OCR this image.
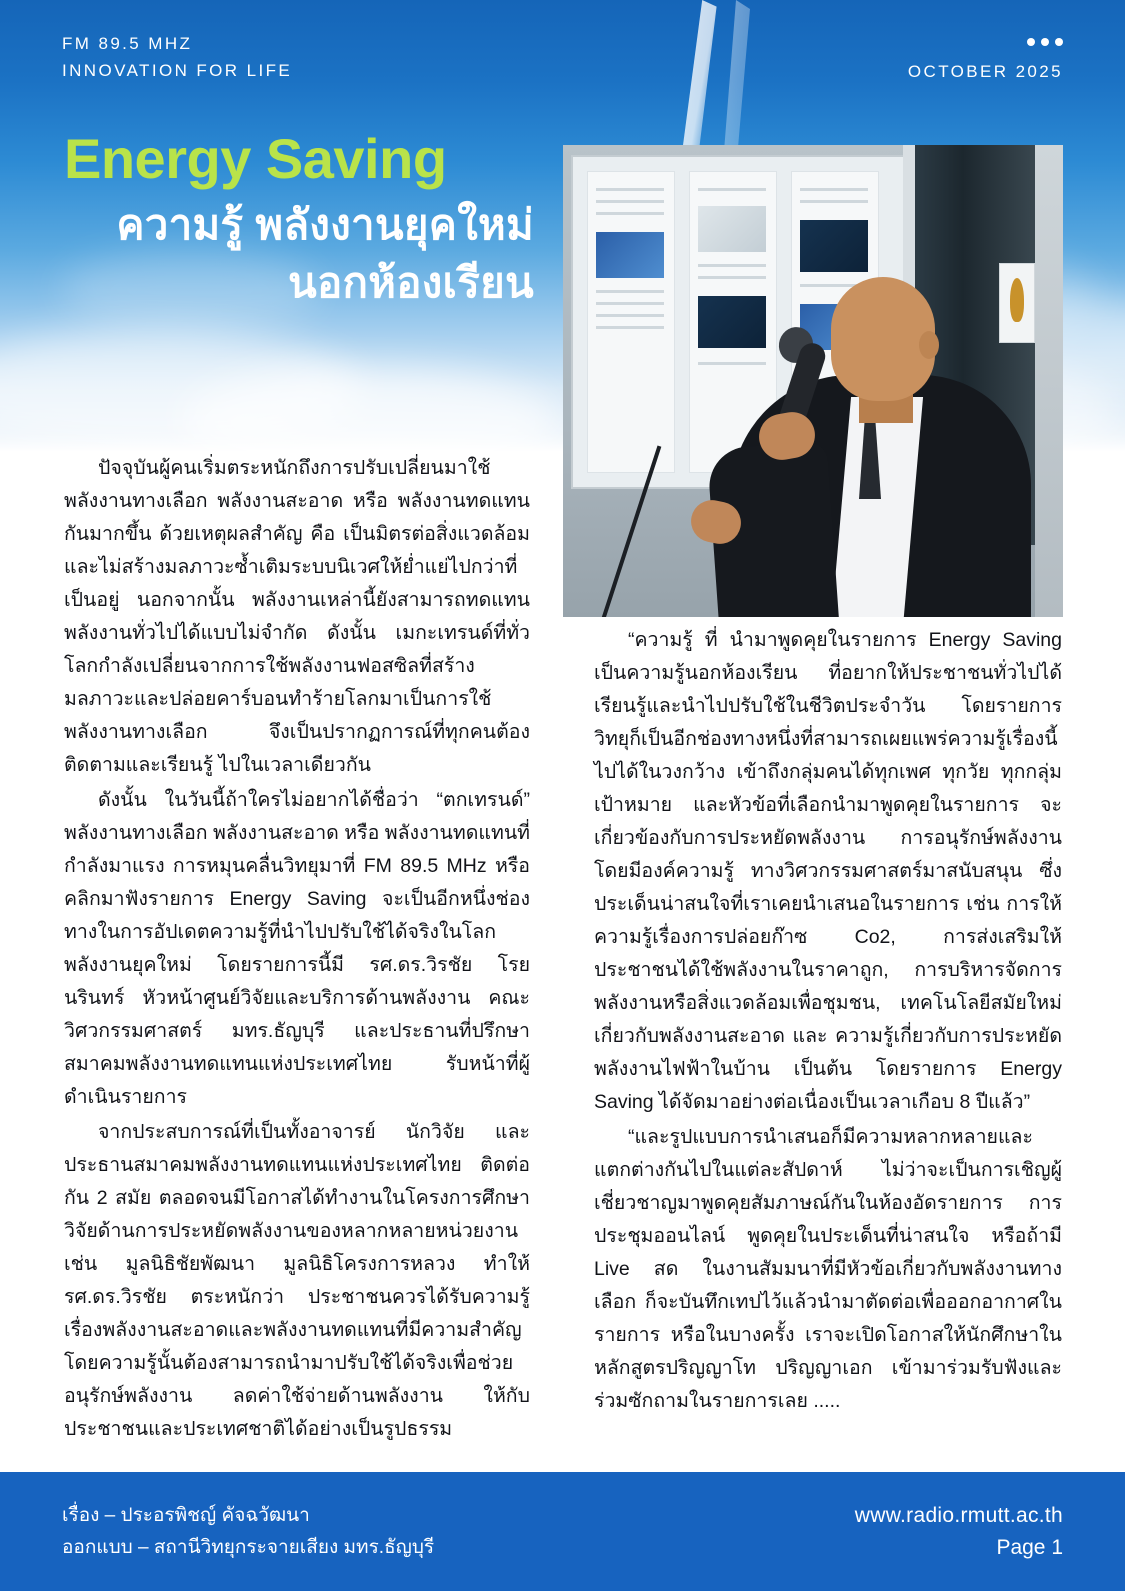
FM 89.5 MHZ
INNOVATION FOR LIFE	OCTOBER 2025
Energy Saving
ความรู้ พลังงานยุคใหม่
นอกห้องเรียน

ปัจจุบันผู้คนเริ่มตระหนักถึงการปรับเปลี่ยนมาใช้พลังงานทางเลือก พลังงานสะอาด หรือ พลังงานทดแทนกันมากขึ้น ด้วยเหตุผลสำคัญ คือ เป็นมิตรต่อสิ่งแวดล้อมและไม่สร้างมลภาวะซ้ำเติมระบบนิเวศให้ย่ำแย่ไปกว่าที่เป็นอยู่ นอกจากนั้น พลังงานเหล่านี้ยังสามารถทดแทนพลังงานทั่วไปได้แบบไม่จำกัด ดังนั้น เมกะเทรนด์ที่ทั่วโลกกำลังเปลี่ยนจากการใช้พลังงานฟอสซิลที่สร้างมลภาวะและปล่อยคาร์บอนทำร้ายโลกมาเป็นการใช้พลังงานทางเลือก จึงเป็นปรากฏการณ์ที่ทุกคนต้องติดตามและเรียนรู้ ไปในเวลาเดียวกัน

ดังนั้น ในวันนี้ถ้าใครไม่อยากได้ชื่อว่า “ตกเทรนด์” พลังงานทางเลือก พลังงานสะอาด หรือ พลังงานทดแทนที่กำลังมาแรง การหมุนคลื่นวิทยุมาที่ FM 89.5 MHz หรือคลิกมาฟังรายการ Energy Saving จะเป็นอีกหนึ่งช่องทางในการอัปเดตความรู้ที่นำไปปรับใช้ได้จริงในโลกพลังงานยุคใหม่ โดยรายการนี้มี รศ.ดร.วิรชัย โรยนรินทร์ หัวหน้าศูนย์วิจัยและบริการด้านพลังงาน คณะวิศวกรรมศาสตร์ มทร.ธัญบุรี และประธานที่ปรึกษาสมาคมพลังงานทดแทนแห่งประเทศไทย รับหน้าที่ผู้ดำเนินรายการ

จากประสบการณ์ที่เป็นทั้งอาจารย์ นักวิจัย และประธานสมาคมพลังงานทดแทนแห่งประเทศไทย ติดต่อกัน 2 สมัย ตลอดจนมีโอกาสได้ทำงานในโครงการศึกษาวิจัยด้านการประหยัดพลังงานของหลากหลายหน่วยงาน เช่น มูลนิธิชัยพัฒนา มูลนิธิโครงการหลวง ทำให้ รศ.ดร.วิรชัย ตระหนักว่า ประชาชนควรได้รับความรู้เรื่องพลังงานสะอาดและพลังงานทดแทนที่มีความสำคัญ โดยความรู้นั้นต้องสามารถนำมาปรับใช้ได้จริงเพื่อช่วยอนุรักษ์พลังงาน ลดค่าใช้จ่ายด้านพลังงาน ให้กับประชาชนและประเทศชาติได้อย่างเป็นรูปธรรม

“ความรู้ ที่ นำมาพูดคุยในรายการ Energy Saving เป็นความรู้นอกห้องเรียน ที่อยากให้ประชาชนทั่วไปได้เรียนรู้และนำไปปรับใช้ในชีวิตประจำวัน โดยรายการวิทยุก็เป็นอีกช่องทางหนึ่งที่สามารถเผยแพร่ความรู้เรื่องนี้ไปได้ในวงกว้าง เข้าถึงกลุ่มคนได้ทุกเพศ ทุกวัย ทุกกลุ่มเป้าหมาย และหัวข้อที่เลือกนำมาพูดคุยในรายการ จะเกี่ยวข้องกับการประหยัดพลังงาน การอนุรักษ์พลังงาน โดยมีองค์ความรู้ ทางวิศวกรรมศาสตร์มาสนับสนุน ซึ่งประเด็นน่าสนใจที่เราเคยนำเสนอในรายการ เช่น การให้ความรู้เรื่องการปล่อยก๊าซ Co2, การส่งเสริมให้ประชาชนได้ใช้พลังงานในราคาถูก, การบริหารจัดการพลังงานหรือสิ่งแวดล้อมเพื่อชุมชน, เทคโนโลยีสมัยใหม่เกี่ยวกับพลังงานสะอาด และ ความรู้เกี่ยวกับการประหยัดพลังงานไฟฟ้าในบ้าน เป็นต้น โดยรายการ Energy Saving ได้จัดมาอย่างต่อเนื่องเป็นเวลาเกือบ 8 ปีแล้ว”

“และรูปแบบการนำเสนอก็มีความหลากหลายและแตกต่างกันไปในแต่ละสัปดาห์ ไม่ว่าจะเป็นการเชิญผู้เชี่ยวชาญมาพูดคุยสัมภาษณ์กันในห้องอัดรายการ การประชุมออนไลน์ พูดคุยในประเด็นที่น่าสนใจ หรือถ้ามี Live สด ในงานสัมมนาที่มีหัวข้อเกี่ยวกับพลังงานทางเลือก ก็จะบันทึกเทปไว้แล้วนำมาตัดต่อเพื่อออกอากาศในรายการ หรือในบางครั้ง เราจะเปิดโอกาสให้นักศึกษาในหลักสูตรปริญญาโท ปริญญาเอก เข้ามาร่วมรับฟังและร่วมซักถามในรายการเลย .....

เรื่อง – ประอรพิชญ์ คัจฉวัฒนา
ออกแบบ – สถานีวิทยุกระจายเสียง มทร.ธัญบุรี
www.radio.rmutt.ac.th
Page 1
